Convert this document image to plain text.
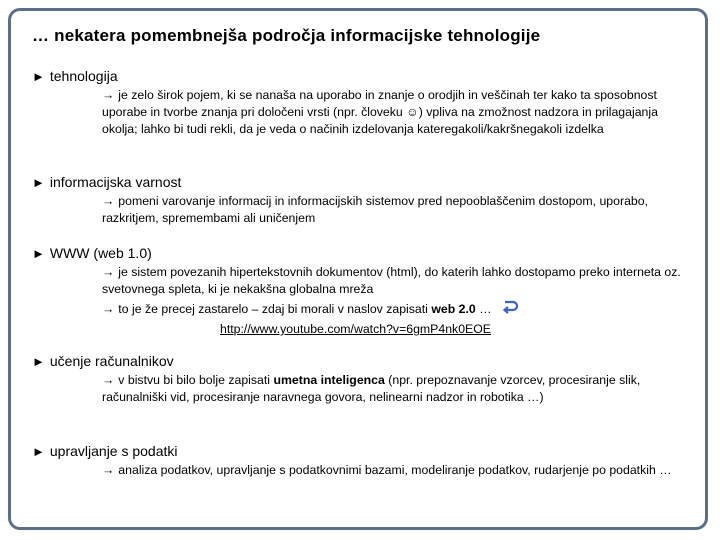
… nekatera pomembnejša področja informacijske tehnologije
► tehnologija
→ je zelo širok pojem, ki se nanaša na uporabo in znanje o orodjih in veščinah ter kako ta sposobnost uporabe in tvorbe znanja pri določeni vrsti (npr. človeku ☺) vpliva na zmožnost nadzora in prilagajanja okolja; lahko bi tudi rekli, da je veda o načinih izdelovanja kateregakoli/kakršnegakoli izdelka
► informacijska varnost
→ pomeni varovanje informacij in informacijskih sistemov pred nepooblaščenim dostopom, uporabo, razkritjem, spremembami ali uničenjem
► WWW (web 1.0)
→ je sistem povezanih hipertekstovnih dokumentov (html), do katerih lahko dostopamo preko interneta oz. svetovnega spleta, ki je nekakšna globalna mreža
→ to je že precej zastarelo – zdaj bi morali v naslov zapisati web 2.0 …
http://www.youtube.com/watch?v=6gmP4nk0EOE
► učenje računalnikov
→ v bistvu bi bilo bolje zapisati umetna inteligenca (npr. prepoznavanje vzorcev, procesiranje slik, računalniški vid, procesiranje naravnega govora, nelinearni nadzor in robotika …)
► upravljanje s podatki
→ analiza podatkov, upravljanje s podatkovnimi bazami, modeliranje podatkov, rudarjenje po podatkih …
